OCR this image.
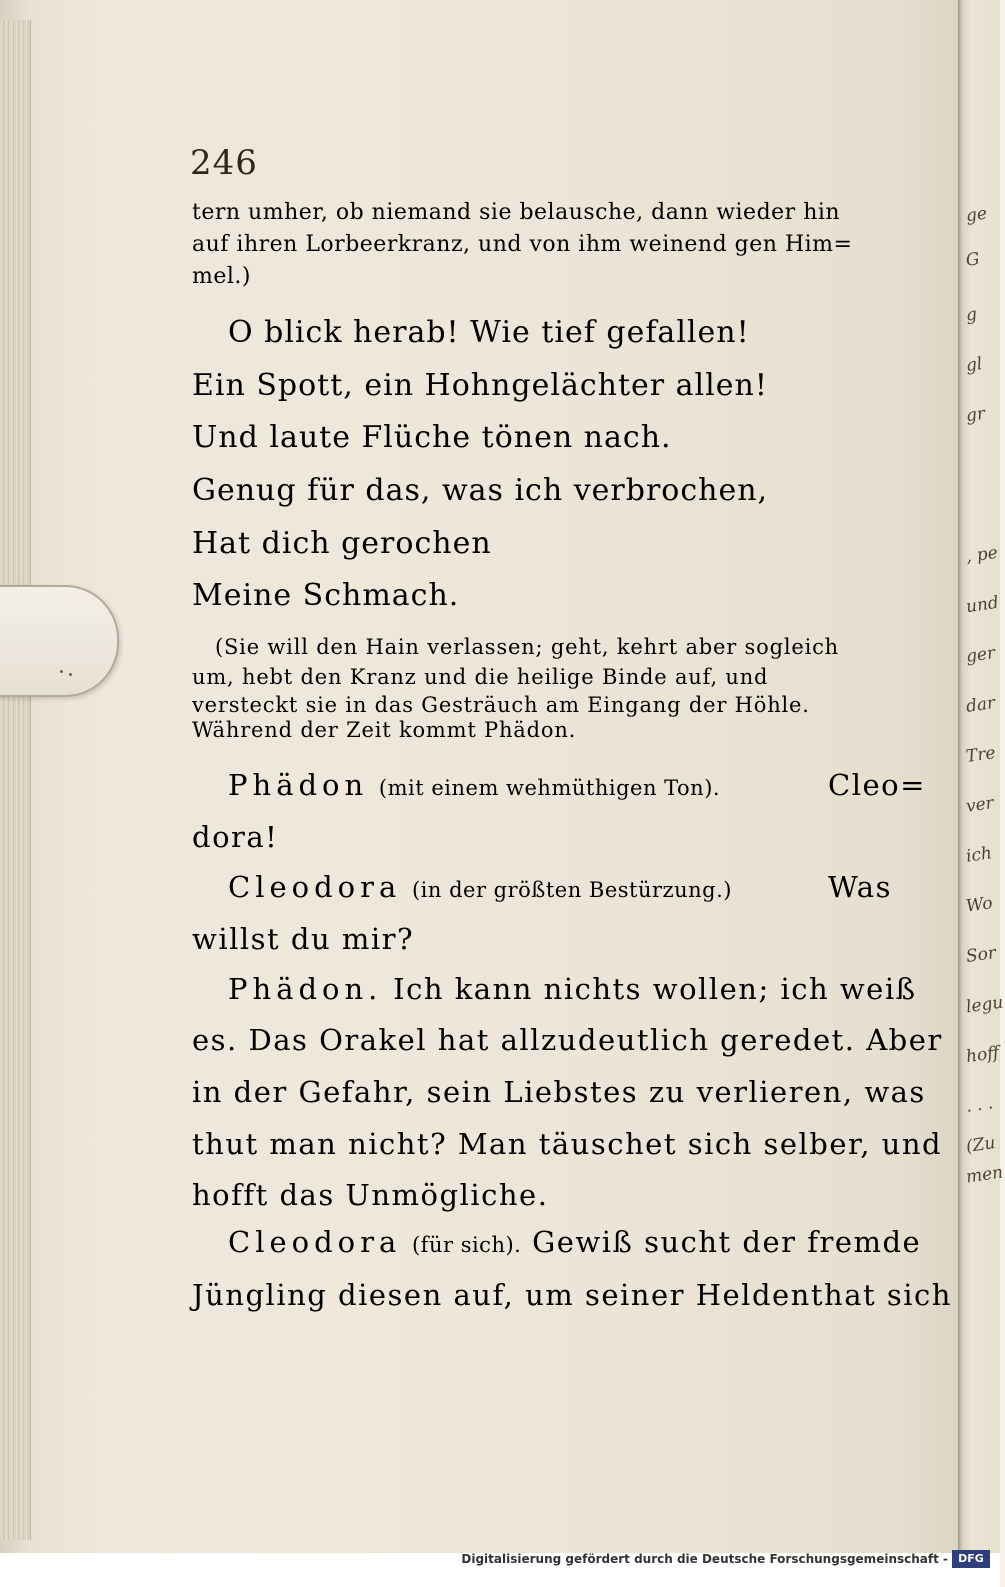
ge
G
g
gl
gr
, pe
und
ger
dar
Tre
ver
ich
Wo
Sor
legu
hoff
. . .
(Zu
men
246
tern umher, ob niemand sie belausche, dann wieder hin
auf ihren Lorbeerkranz, und von ihm weinend gen Him=
mel.)
O blick herab! Wie tief gefallen!
Ein Spott, ein Hohngelächter allen!
Und laute Flüche tönen nach.
Genug für das, was ich verbrochen,
Hat dich gerochen
Meine Schmach.
(Sie will den Hain verlassen; geht, kehrt aber sogleich
um, hebt den Kranz und die heilige Binde auf, und
versteckt sie in das Gesträuch am Eingang der Höhle.
Während der Zeit kommt Phädon.
Phädon (mit einem wehmüthigen Ton).	Cleo=
dora!
Cleodora (in der größten Bestürzung.)	Was
willst du mir?
Phädon. Ich kann nichts wollen; ich weiß
es. Das Orakel hat allzudeutlich geredet. Aber
in der Gefahr, sein Liebstes zu verlieren, was
thut man nicht? Man täuschet sich selber, und
hofft das Unmögliche.
Cleodora (für sich). Gewiß sucht der fremde
Jüngling diesen auf, um seiner Heldenthat sich
Digitalisierung gefördert durch die Deutsche Forschungsgemeinschaft - DFG
